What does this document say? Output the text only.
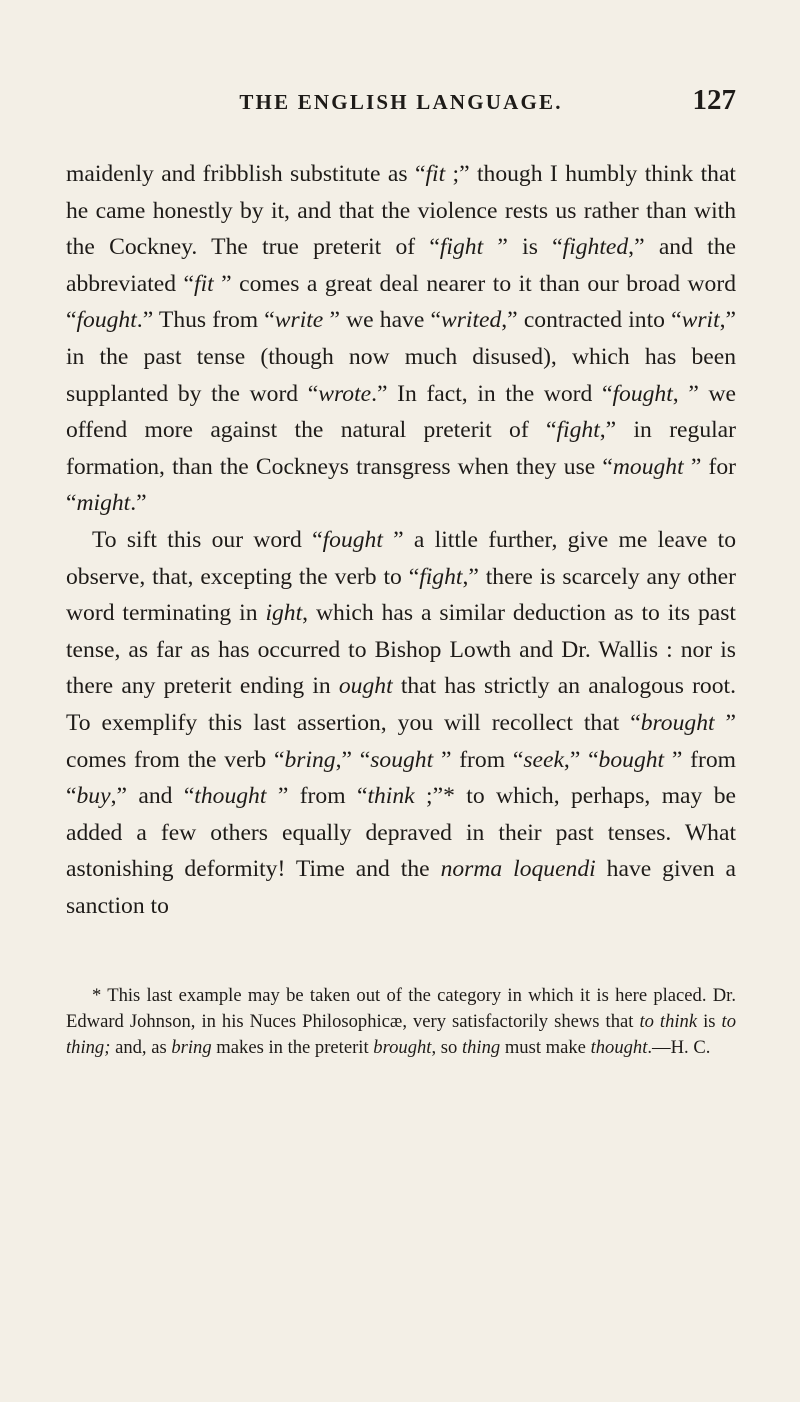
THE ENGLISH LANGUAGE.	127

maidenly and fribblish substitute as “fit ;” though I humbly think that he came honestly by it, and that the violence rests us rather than with the Cockney. The true preterit of “fight ” is “fighted,” and the abbreviated “fit ” comes a great deal nearer to it than our broad word “fought.” Thus from “write ” we have “writed,” contracted into “writ,” in the past tense (though now much disused), which has been supplanted by the word “wrote.” In fact, in the word “fought, ” we offend more against the natural preterit of “fight,” in regular formation, than the Cockneys transgress when they use “mought ” for “might.”

To sift this our word “fought ” a little further, give me leave to observe, that, excepting the verb to “fight,” there is scarcely any other word terminating in ight, which has a similar deduction as to its past tense, as far as has occurred to Bishop Lowth and Dr. Wallis : nor is there any preterit ending in ought that has strictly an analogous root. To exemplify this last assertion, you will recollect that “brought ” comes from the verb “bring,” “sought ” from “seek,” “bought ” from “buy,” and “thought ” from “think ;”* to which, perhaps, may be added a few others equally depraved in their past tenses. What astonishing deformity! Time and the norma loquendi have given a sanction to

* This last example may be taken out of the category in which it is here placed. Dr. Edward Johnson, in his Nuces Philosophicæ, very satisfactorily shews that to think is to thing; and, as bring makes in the preterit brought, so thing must make thought.—H. C.
